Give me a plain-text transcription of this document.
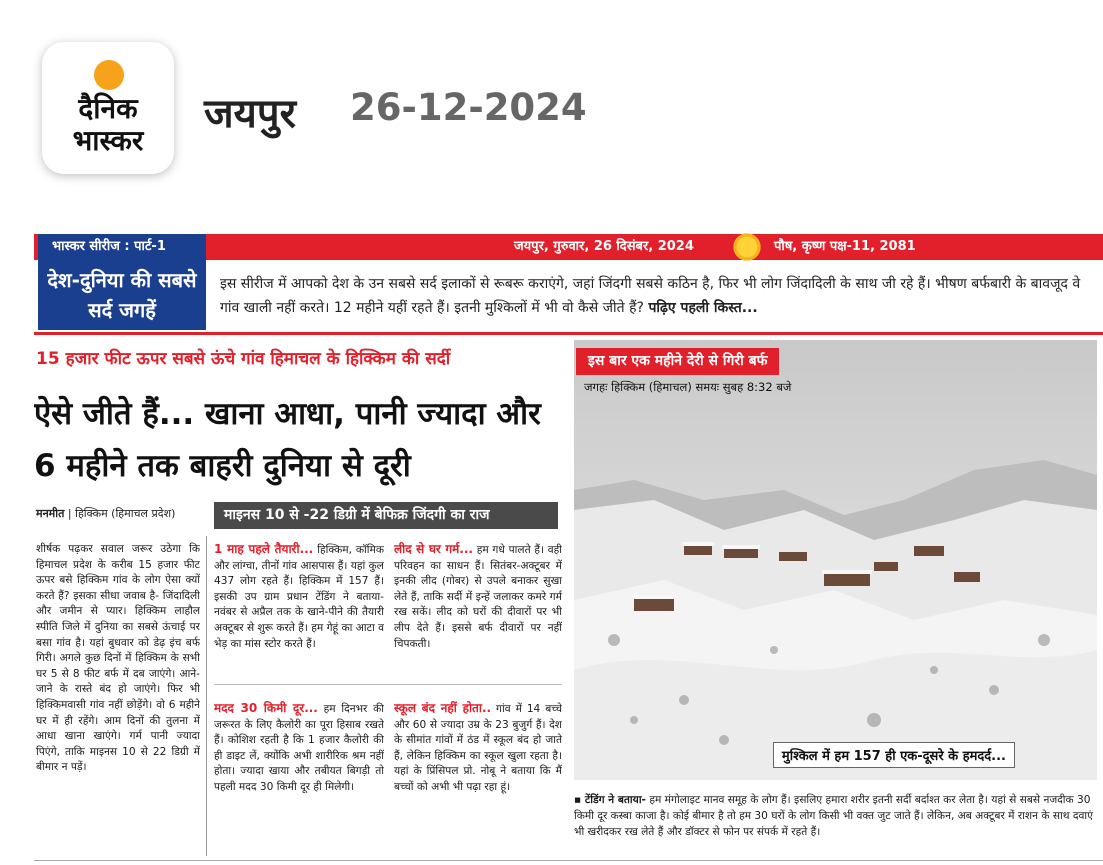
दैनिक
भास्कर
जयपुर 26-12-2024
भास्कर सीरीज : पार्ट-1	जयपुर, गुरुवार, 26 दिसंबर, 2024	पौष, कृष्ण पक्ष-11, 2081
देश-दुनिया की सबसे सर्द जगहें
इस सीरीज में आपको देश के उन सबसे सर्द इलाकों से रूबरू कराएंगे, जहां जिंदगी सबसे कठिन है, फिर भी लोग जिंदादिली के साथ जी रहे हैं। भीषण बर्फबारी के बावजूद वे गांव खाली नहीं करते। 12 महीने यहीं रहते हैं। इतनी मुश्किलों में भी वो कैसे जीते हैं? पढ़िए पहली किस्त...
15 हजार फीट ऊपर सबसे ऊंचे गांव हिमाचल के हिक्किम की सर्दी
ऐसे जीते हैं... खाना आधा, पानी ज्यादा और 6 महीने तक बाहरी दुनिया से दूरी
मनमीत | हिक्किम (हिमाचल प्रदेश)	माइनस 10 से -22 डिग्री में बेफिक्र जिंदगी का राज
शीर्षक पढ़कर सवाल जरूर उठेगा कि हिमाचल प्रदेश के करीब 15 हजार फीट ऊपर बसे हिक्किम गांव के लोग ऐसा क्यों करते हैं? इसका सीधा जवाब है- जिंदादिली और जमीन से प्यार। हिक्किम लाहौल स्पीति जिले में दुनिया का सबसे ऊंचाई पर बसा गांव है। यहां बुधवार को डेढ़ इंच बर्फ गिरी। अगले कुछ दिनों में हिक्किम के सभी घर 5 से 8 फीट बर्फ में दब जाएंगे। आने-जाने के रास्ते बंद हो जाएंगे। फिर भी हिक्किमवासी गांव नहीं छोड़ेंगे। वो 6 महीने घर में ही रहेंगे। आम दिनों की तुलना में आधा खाना खाएंगे। गर्म पानी ज्यादा पिएंगे, ताकि माइनस 10 से 22 डिग्री में बीमार न पड़ें।
1 माह पहले तैयारी... हिक्किम, कॉमिक और लांग्चा, तीनों गांव आसपास हैं। यहां कुल 437 लोग रहते हैं। हिक्किम में 157 हैं। इसकी उप ग्राम प्रधान टेंडिंग ने बताया- नवंबर से अप्रैल तक के खाने-पीने की तैयारी अक्टूबर से शुरू करते हैं। हम गेहूं का आटा व भेड़ का मांस स्टोर करते हैं।
लीद से घर गर्म... हम गधे पालते हैं। वही परिवहन का साधन हैं। सितंबर-अक्टूबर में इनकी लीद (गोबर) से उपले बनाकर सुखा लेते हैं, ताकि सर्दी में इन्हें जलाकर कमरे गर्म रख सकें। लीद को घरों की दीवारों पर भी लीप देते हैं। इससे बर्फ दीवारों पर नहीं चिपकती।
मदद 30 किमी दूर... हम दिनभर की जरूरत के लिए कैलोरी का पूरा हिसाब रखते हैं। कोशिश रहती है कि 1 हजार कैलोरी की ही डाइट लें, क्योंकि अभी शारीरिक श्रम नहीं होता। ज्यादा खाया और तबीयत बिगड़ी तो पहली मदद 30 किमी दूर ही मिलेगी।
स्कूल बंद नहीं होता.. गांव में 14 बच्चे और 60 से ज्यादा उम्र के 23 बुजुर्ग हैं। देश के सीमांत गांवों में ठंड में स्कूल बंद हो जाते हैं, लेकिन हिक्किम का स्कूल खुला रहता है। यहां के प्रिंसिपल प्रो. नोबू ने बताया कि मैं बच्चों को अभी भी पढ़ा रहा हूं।
इस बार एक महीने देरी से गिरी बर्फ
जगहः हिक्किम (हिमाचल) समयः सुबह 8:32 बजे
मुश्किल में हम 157 ही एक-दूसरे के हमदर्द...
▪ टेंडिंग ने बताया- हम मंगोलाइट मानव समूह के लोग हैं। इसलिए हमारा शरीर इतनी सर्दी बर्दाश्त कर लेता है। यहां से सबसे नजदीक 30 किमी दूर कस्बा काजा है। कोई बीमार है तो हम 30 घरों के लोग किसी भी वक्त जुट जाते हैं। लेकिन, अब अक्टूबर में राशन के साथ दवाएं भी खरीदकर रख लेते हैं और डॉक्टर से फोन पर संपर्क में रहते हैं।
